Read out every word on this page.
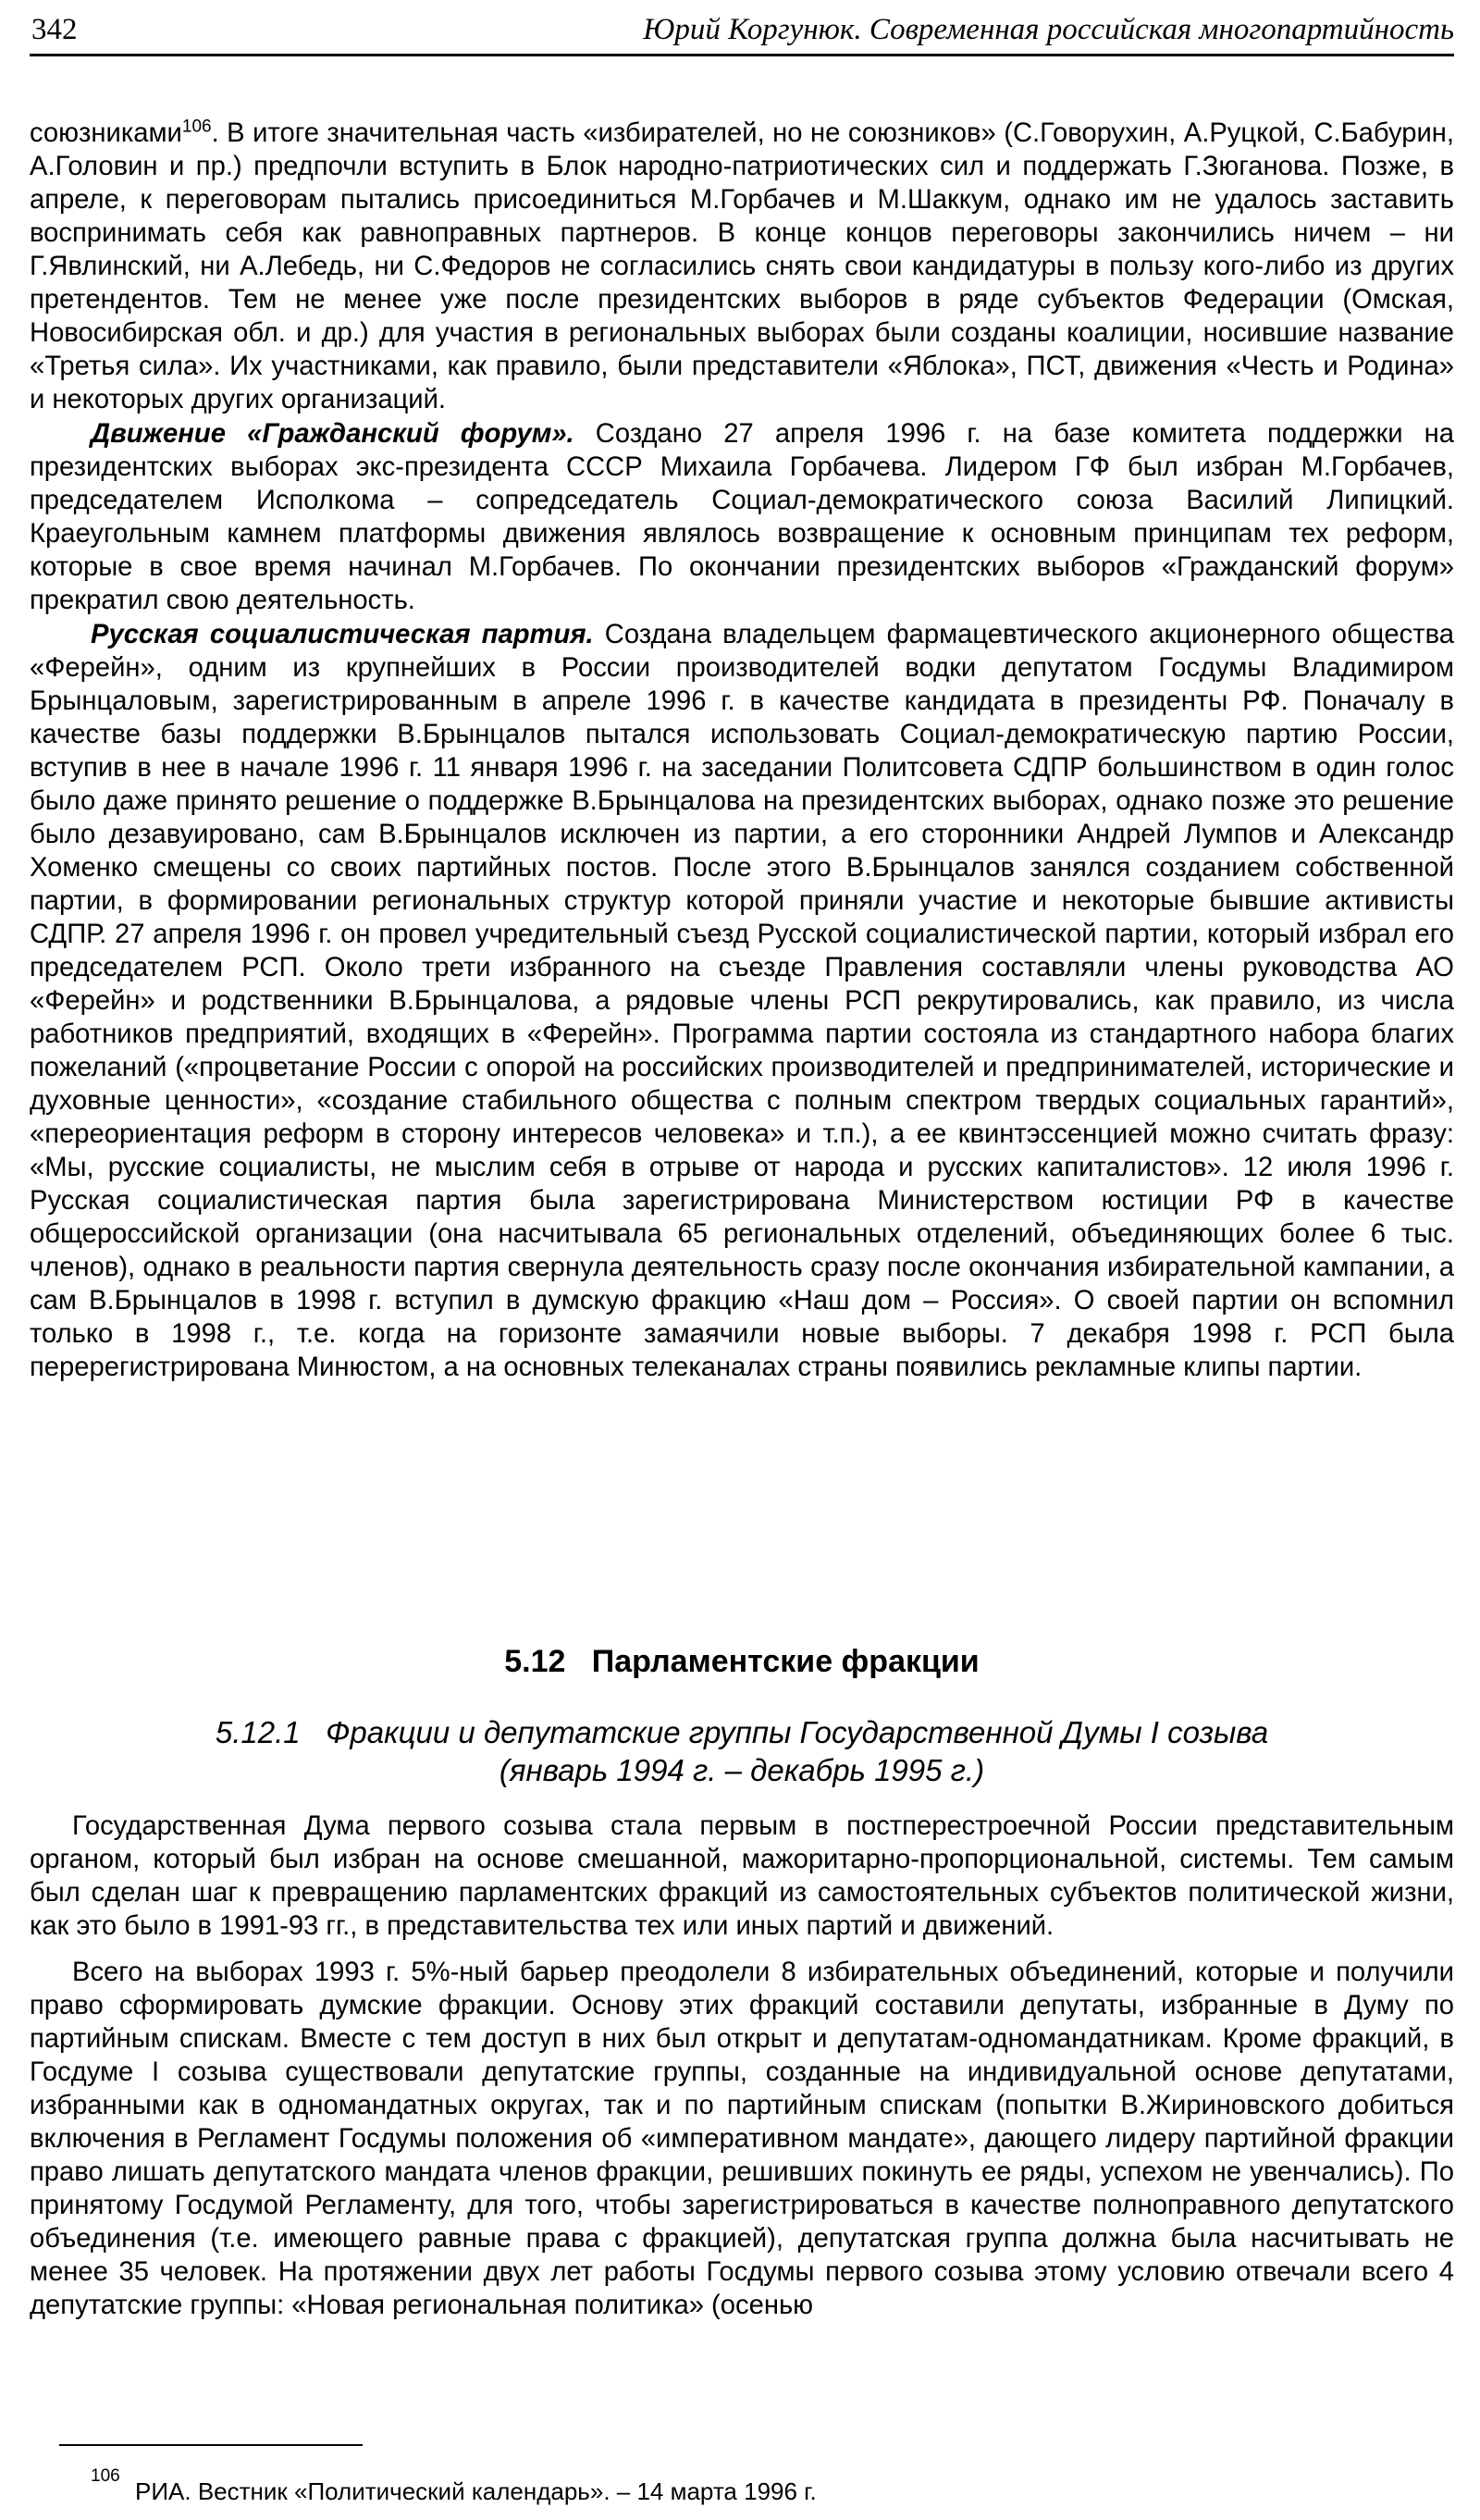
342	Юрий Коргунюк. Современная российская многопартийность

союзниками$^{106}$. В итоге значительная часть «избирателей, но не союзников» (С.Говорухин, А.Руцкой, С.Бабурин, А.Головин и пр.) предпочли вступить в Блок народно-патриотических сил и поддержать Г.Зюганова. Позже, в апреле, к переговорам пытались присоединиться М.Горбачев и М.Шаккум, однако им не удалось заставить воспринимать себя как равноправных партнеров. В конце концов переговоры закончились ничем – ни Г.Явлинский, ни А.Лебедь, ни С.Федоров не согласились снять свои кандидатуры в пользу кого-либо из других претендентов. Тем не менее уже после президентских выборов в ряде субъектов Федерации (Омская, Новосибирская обл. и др.) для участия в региональных выборах были созданы коалиции, носившие название «Третья сила». Их участниками, как правило, были представители «Яблока», ПСТ, движения «Честь и Родина» и некоторых других организаций.

Движение «Гражданский форум». Создано 27 апреля 1996 г. на базе комитета поддержки на президентских выборах экс-президента СССР Михаила Горбачева. Лидером ГФ был избран М.Горбачев, председателем Исполкома – сопредседатель Социал-демократического союза Василий Липицкий. Краеугольным камнем платформы движения являлось возвращение к основным принципам тех реформ, которые в свое время начинал М.Горбачев. По окончании президентских выборов «Гражданский форум» прекратил свою деятельность.

Русская социалистическая партия. Создана владельцем фармацевтического акционерного общества «Ферейн», одним из крупнейших в России производителей водки депутатом Госдумы Владимиром Брынцаловым, зарегистрированным в апреле 1996 г. в качестве кандидата в президенты РФ. Поначалу в качестве базы поддержки В.Брынцалов пытался использовать Социал-демократическую партию России, вступив в нее в начале 1996 г. 11 января 1996 г. на заседании Политсовета СДПР большинством в один голос было даже принято решение о поддержке В.Брынцалова на президентских выборах, однако позже это решение было дезавуировано, сам В.Брынцалов исключен из партии, а его сторонники Андрей Лумпов и Александр Хоменко смещены со своих партийных постов. После этого В.Брынцалов занялся созданием собственной партии, в формировании региональных структур которой приняли участие и некоторые бывшие активисты СДПР. 27 апреля 1996 г. он провел учредительный съезд Русской социалистической партии, который избрал его председателем РСП. Около трети избранного на съезде Правления составляли члены руководства АО «Ферейн» и родственники В.Брынцалова, а рядовые члены РСП рекрутировались, как правило, из числа работников предприятий, входящих в «Ферейн». Программа партии состояла из стандартного набора благих пожеланий («процветание России с опорой на российских производителей и предпринимателей, исторические и духовные ценности», «создание стабильного общества с полным спектром твердых социальных гарантий», «переориентация реформ в сторону интересов человека» и т.п.), а ее квинтэссенцией можно считать фразу: «Мы, русские социалисты, не мыслим себя в отрыве от народа и русских капиталистов». 12 июля 1996 г. Русская социалистическая партия была зарегистрирована Министерством юстиции РФ в качестве общероссийской организации (она насчитывала 65 региональных отделений, объединяющих более 6 тыс. членов), однако в реальности партия свернула деятельность сразу после окончания избирательной кампании, а сам В.Брынцалов в 1998 г. вступил в думскую фракцию «Наш дом – Россия». О своей партии он вспомнил только в 1998 г., т.е. когда на горизонте замаячили новые выборы. 7 декабря 1998 г. РСП была перерегистрирована Минюстом, а на основных телеканалах страны появились рекламные клипы партии.

5.12 Парламентские фракции
5.12.1   Фракции и депутатские группы Государственной Думы I созыва
(январь 1994 г. – декабрь 1995 г.)

Государственная Дума первого созыва стала первым в постперестроечной России представительным органом, который был избран на основе смешанной, мажоритарно-пропорциональной, системы. Тем самым был сделан шаг к превращению парламентских фракций из самостоятельных субъектов политической жизни, как это было в 1991-93 гг., в представительства тех или иных партий и движений.

Всего на выборах 1993 г. 5%-ный барьер преодолели 8 избирательных объединений, которые и получили право сформировать думские фракции. Основу этих фракций составили депутаты, избранные в Думу по партийным спискам. Вместе с тем доступ в них был открыт и депутатам-одномандатникам. Кроме фракций, в Госдуме I созыва существовали депутатские группы, созданные на индивидуальной основе депутатами, избранными как в одномандатных округах, так и по партийным спискам (попытки В.Жириновского добиться включения в Регламент Госдумы положения об «императивном мандате», дающего лидеру партийной фракции право лишать депутатского мандата членов фракции, решивших покинуть ее ряды, успехом не увенчались). По принятому Госдумой Регламенту, для того, чтобы зарегистрироваться в качестве полноправного депутатского объединения (т.е. имеющего равные права с фракцией), депутатская группа должна была насчитывать не менее 35 человек. На протяжении двух лет работы Госдумы первого созыва этому условию отвечали всего 4 депутатские группы: «Новая региональная политика» (осенью

106
РИА. Вестник «Политический календарь». – 14 марта 1996 г.
